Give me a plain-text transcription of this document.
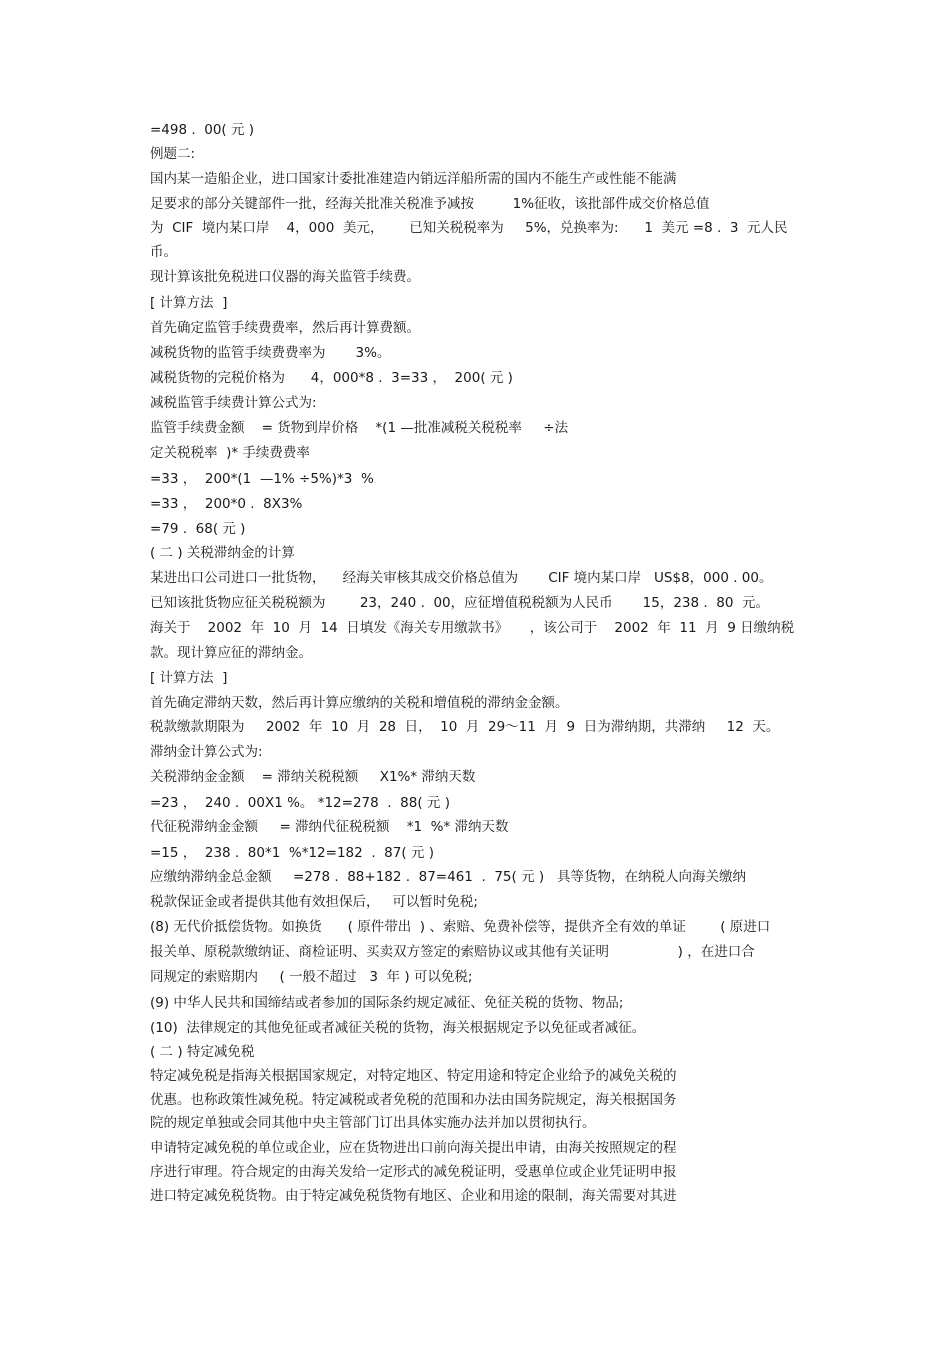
=498 .  00( 元 )

例题二:

国内某一造船企业，进口国家计委批准建造内销远洋船所需的国内不能生产或性能不能满

足要求的部分关键部件一批，经海关批准关税准予减按         1%征收，该批部件成交价格总值

为  CIF  境内某口岸    4，000  美元，      已知关税税率为     5%，兑换率为:      1  美元 =8 .  3  元人民

币。

现计算该批免税进口仪器的海关监管手续费。

[ 计算方法  ]

首先确定监管手续费费率，然后再计算费额。

减税货物的监管手续费费率为       3%。

减税货物的完税价格为      4，000*8 .  3=33 ，  200( 元 )

减税监管手续费计算公式为:

监管手续费金额    = 货物到岸价格    *(1 —批准减税关税税率     ÷法

定关税税率  )* 手续费费率

=33 ，  200*(1  —1% ÷5%)*3  %

=33 ，  200*0 .  8X3%

=79 .  68( 元 )

( 二 ) 关税滞纳金的计算

某进出口公司进口一批货物，    经海关审核其成交价格总值为       CIF 境内某口岸   US$8，000 . 00。

已知该批货物应征关税税额为        23，240 .  00，应征增值税税额为人民币       15，238 .  80  元。

海关于    2002  年  10  月  14  日填发《海关专用缴款书》     ，该公司于    2002  年  11  月  9 日缴纳税

款。现计算应征的滞纳金。

[ 计算方法  ]

首先确定滞纳天数，然后再计算应缴纳的关税和增值税的滞纳金金额。

税款缴款期限为     2002  年  10  月  28  日，  10  月  29～11  月  9  日为滞纳期，共滞纳     12  天。

滞纳金计算公式为:

关税滞纳金金额    = 滞纳关税税额     X1%* 滞纳天数

=23 ，  240 .  00X1 %。 *12=278  .  88( 元 )

代征税滞纳金金额     = 滞纳代征税税额    *1  %* 滞纳天数

=15 ，  238 .  80*1  %*12=182  .  87( 元 )

应缴纳滞纳金总金额     =278 .  88+182 .  87=461  .  75( 元 )   具等货物，在纳税人向海关缴纳

税款保证金或者提供其他有效担保后，   可以暂时免税;

(8) 无代价抵偿货物。如换货      ( 原件带出  ) 、索赔、免费补偿等，提供齐全有效的单证        ( 原进口

报关单、原税款缴纳证、商检证明、买卖双方签定的索赔协议或其他有关证明                ) ，在进口合

同规定的索赔期内     ( 一般不超过   3  年 ) 可以免税;

(9) 中华人民共和国缔结或者参加的国际条约规定减征、免征关税的货物、物品;

(10)  法律规定的其他免征或者减征关税的货物，海关根据规定予以免征或者减征。

( 二 ) 特定减免税

特定减免税是指海关根据国家规定，对特定地区、特定用途和特定企业给予的减免关税的

优惠。也称政策性减免税。特定减税或者免税的范围和办法由国务院规定，海关根据国务

院的规定单独或会同其他中央主管部门订出具体实施办法并加以贯彻执行。

申请特定减免税的单位或企业，应在货物进出口前向海关提出申请，由海关按照规定的程

序进行审理。符合规定的由海关发给一定形式的减免税证明，受惠单位或企业凭证明申报

进口特定减免税货物。由于特定减免税货物有地区、企业和用途的限制，海关需要对其进
